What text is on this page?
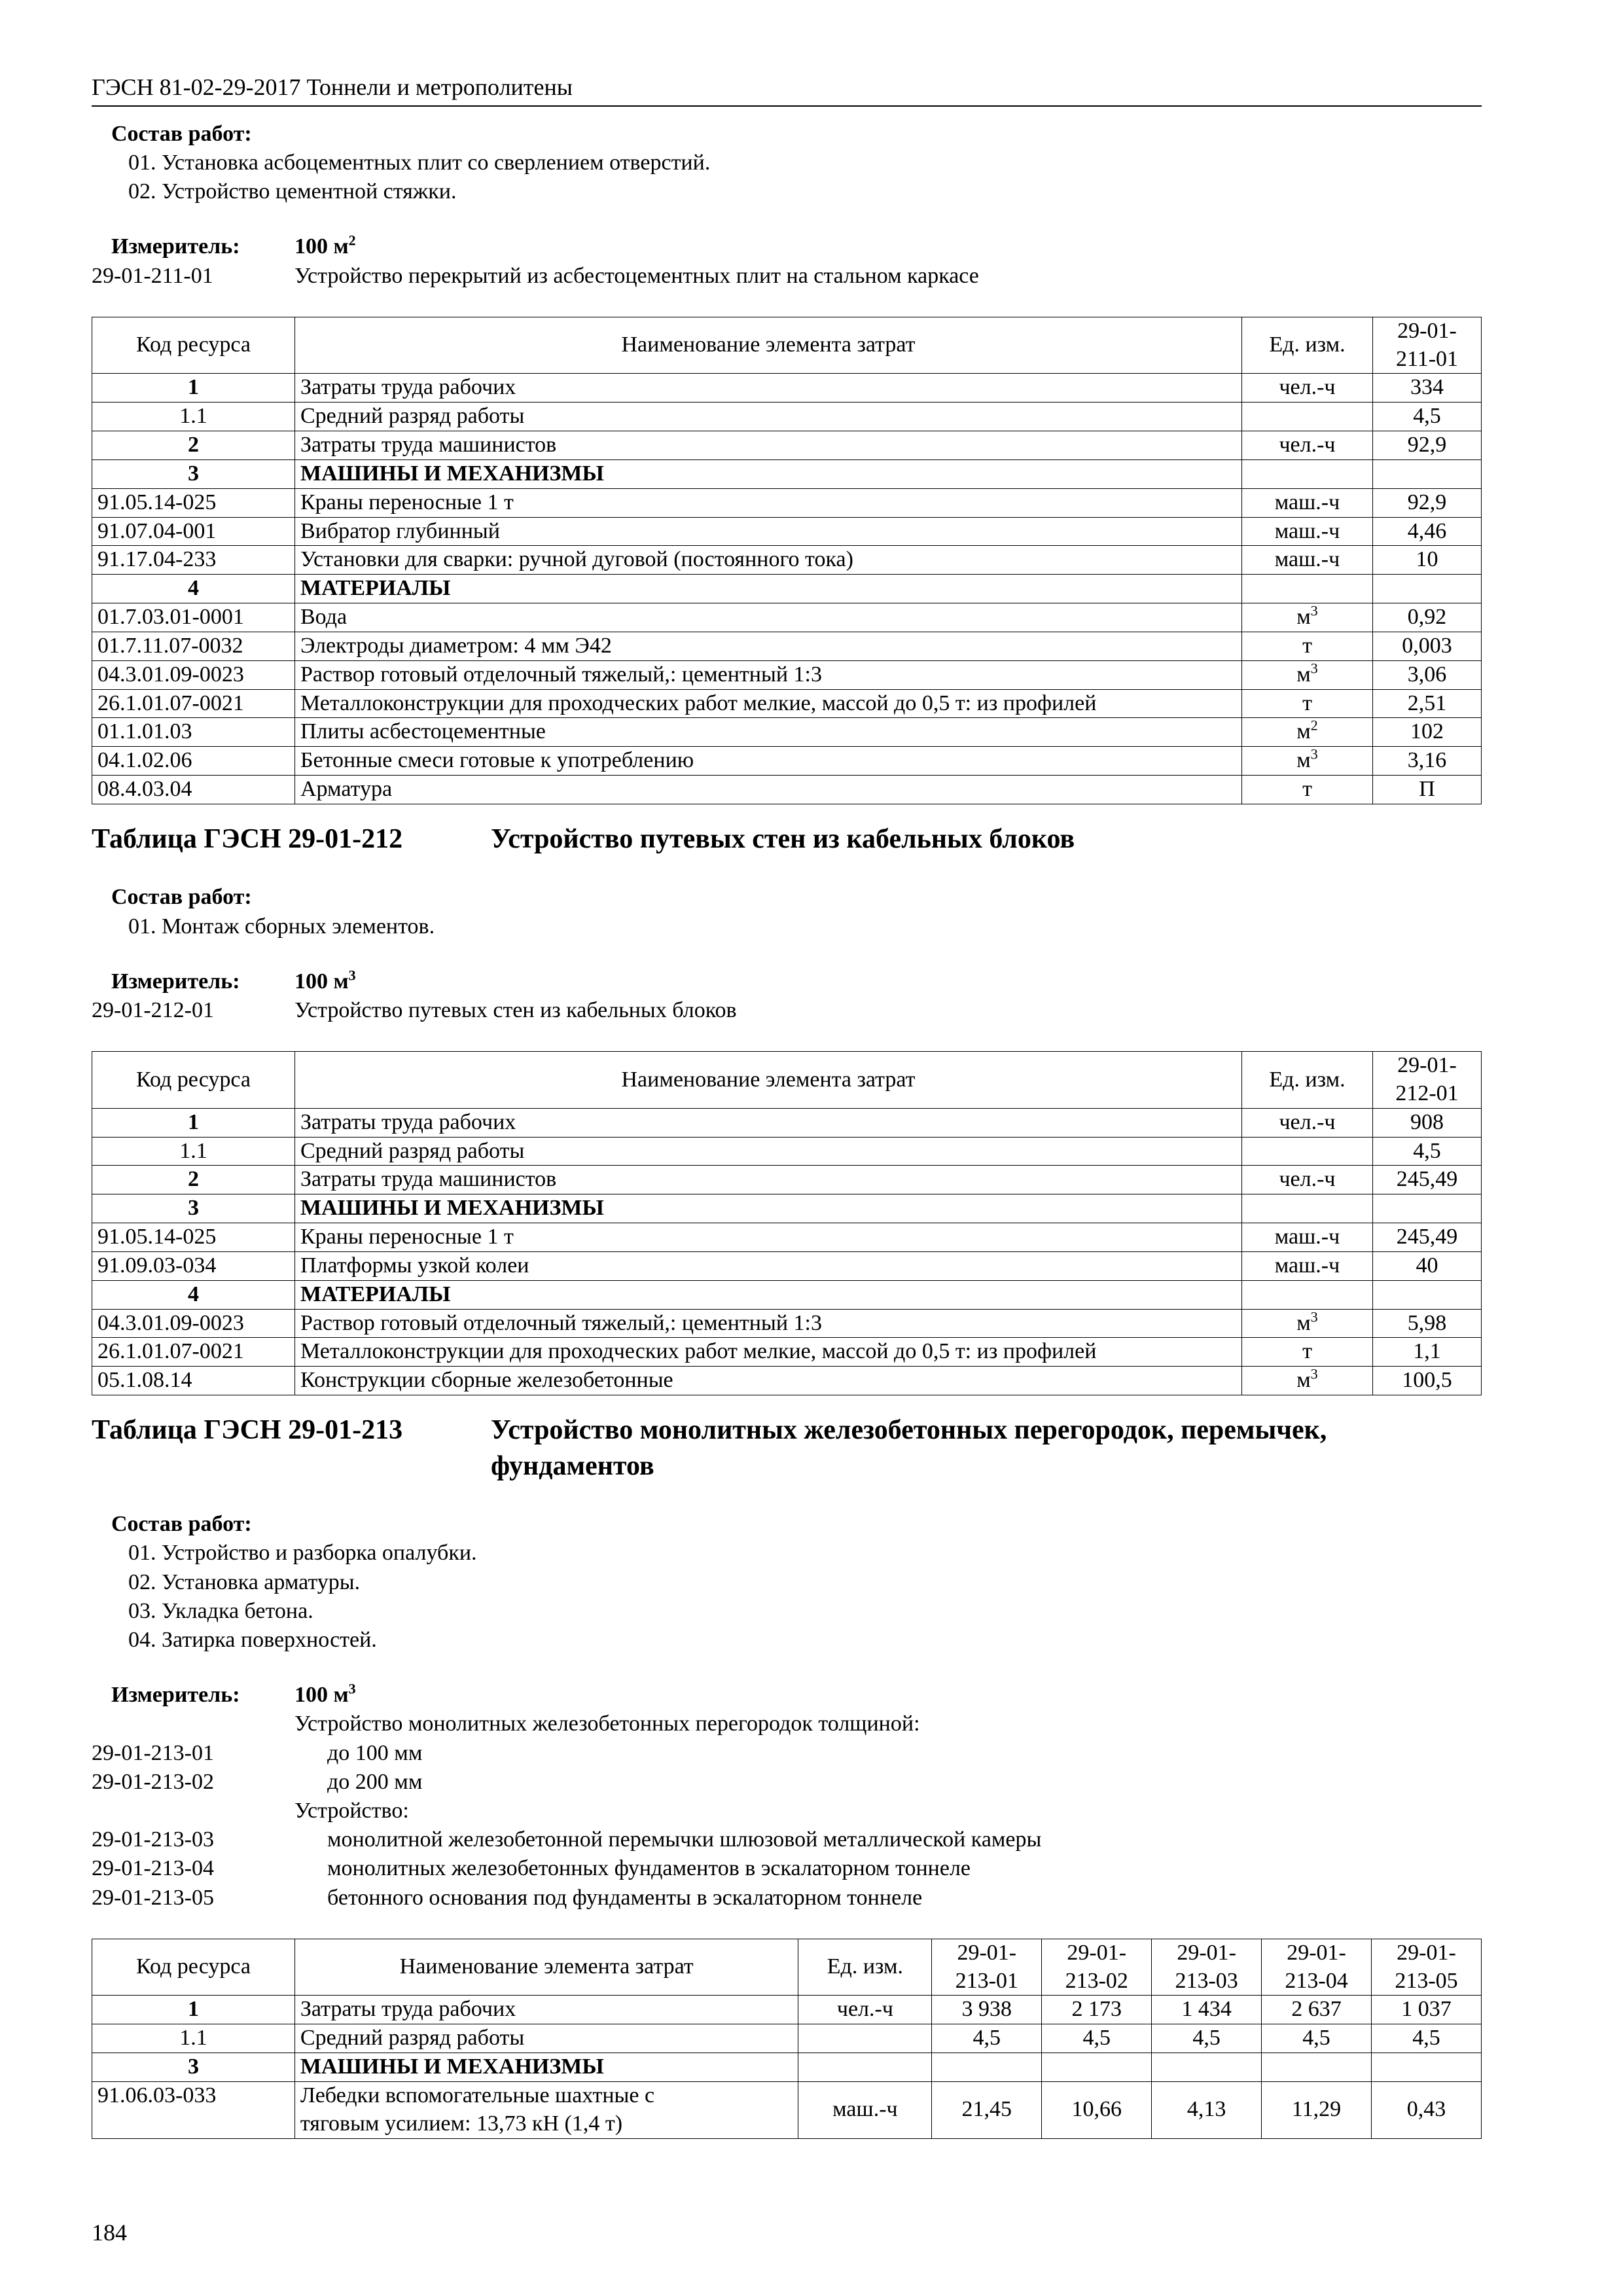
ГЭСН 81-02-29-2017 Тоннели и метрополитены
Состав работ:
01. Установка асбоцементных плит со сверлением отверстий.
02. Устройство цементной стяжки.
Измеритель:	100 $м^2$
29-01-211-01	Устройство перекрытий из асбестоцементных плит на стальном каркасе
Код ресурса	Наименование элемента затрат	Ед. изм.	29-01-211-01
1	Затраты труда рабочих	чел.-ч	334
1.1	Средний разряд работы		4,5
2	Затраты труда машинистов	чел.-ч	92,9
3	МАШИНЫ И МЕХАНИЗМЫ		
91.05.14-025	Краны переносные 1 т	маш.-ч	92,9
91.07.04-001	Вибратор глубинный	маш.-ч	4,46
91.17.04-233	Установки для сварки: ручной дуговой (постоянного тока)	маш.-ч	10
4	МАТЕРИАЛЫ		
01.7.03.01-0001	Вода	$м^3$	0,92
01.7.11.07-0032	Электроды диаметром: 4 мм Э42	т	0,003
04.3.01.09-0023	Раствор готовый отделочный тяжелый,: цементный 1:3	$м^3$	3,06
26.1.01.07-0021	Металлоконструкции для проходческих работ мелкие, массой до 0,5 т: из профилей	т	2,51
01.1.01.03	Плиты асбестоцементные	$м^2$	102
04.1.02.06	Бетонные смеси готовые к употреблению	$м^3$	3,16
08.4.03.04	Арматура	т	П
Таблица ГЭСН 29-01-212	Устройство путевых стен из кабельных блоков
Состав работ:
01. Монтаж сборных элементов.
Измеритель:	100 $м^3$
29-01-212-01	Устройство путевых стен из кабельных блоков
Код ресурса	Наименование элемента затрат	Ед. изм.	29-01-212-01
1	Затраты труда рабочих	чел.-ч	908
1.1	Средний разряд работы		4,5
2	Затраты труда машинистов	чел.-ч	245,49
3	МАШИНЫ И МЕХАНИЗМЫ		
91.05.14-025	Краны переносные 1 т	маш.-ч	245,49
91.09.03-034	Платформы узкой колеи	маш.-ч	40
4	МАТЕРИАЛЫ		
04.3.01.09-0023	Раствор готовый отделочный тяжелый,: цементный 1:3	$м^3$	5,98
26.1.01.07-0021	Металлоконструкции для проходческих работ мелкие, массой до 0,5 т: из профилей	т	1,1
05.1.08.14	Конструкции сборные железобетонные	$м^3$	100,5
Таблица ГЭСН 29-01-213	Устройство монолитных железобетонных перегородок, перемычек,
фундаментов
Состав работ:
01. Устройство и разборка опалубки.
02. Установка арматуры.
03. Укладка бетона.
04. Затирка поверхностей.
Измеритель:	100 $м^3$
Устройство монолитных железобетонных перегородок толщиной:
29-01-213-01	до 100 мм
29-01-213-02	до 200 мм
Устройство:
29-01-213-03	монолитной железобетонной перемычки шлюзовой металлической камеры
29-01-213-04	монолитных железобетонных фундаментов в эскалаторном тоннеле
29-01-213-05	бетонного основания под фундаменты в эскалаторном тоннеле
Код ресурса	Наименование элемента затрат	Ед. изм.	29-01-213-01	29-01-213-02	29-01-213-03	29-01-213-04	29-01-213-05
1	Затраты труда рабочих	чел.-ч	3 938	2 173	1 434	2 637	1 037
1.1	Средний разряд работы		4,5	4,5	4,5	4,5	4,5
3	МАШИНЫ И МЕХАНИЗМЫ						
91.06.03-033	Лебедки вспомогательные шахтные с
тяговым усилием: 13,73 кН (1,4 т)	маш.-ч	21,45	10,66	4,13	11,29	0,43
184
